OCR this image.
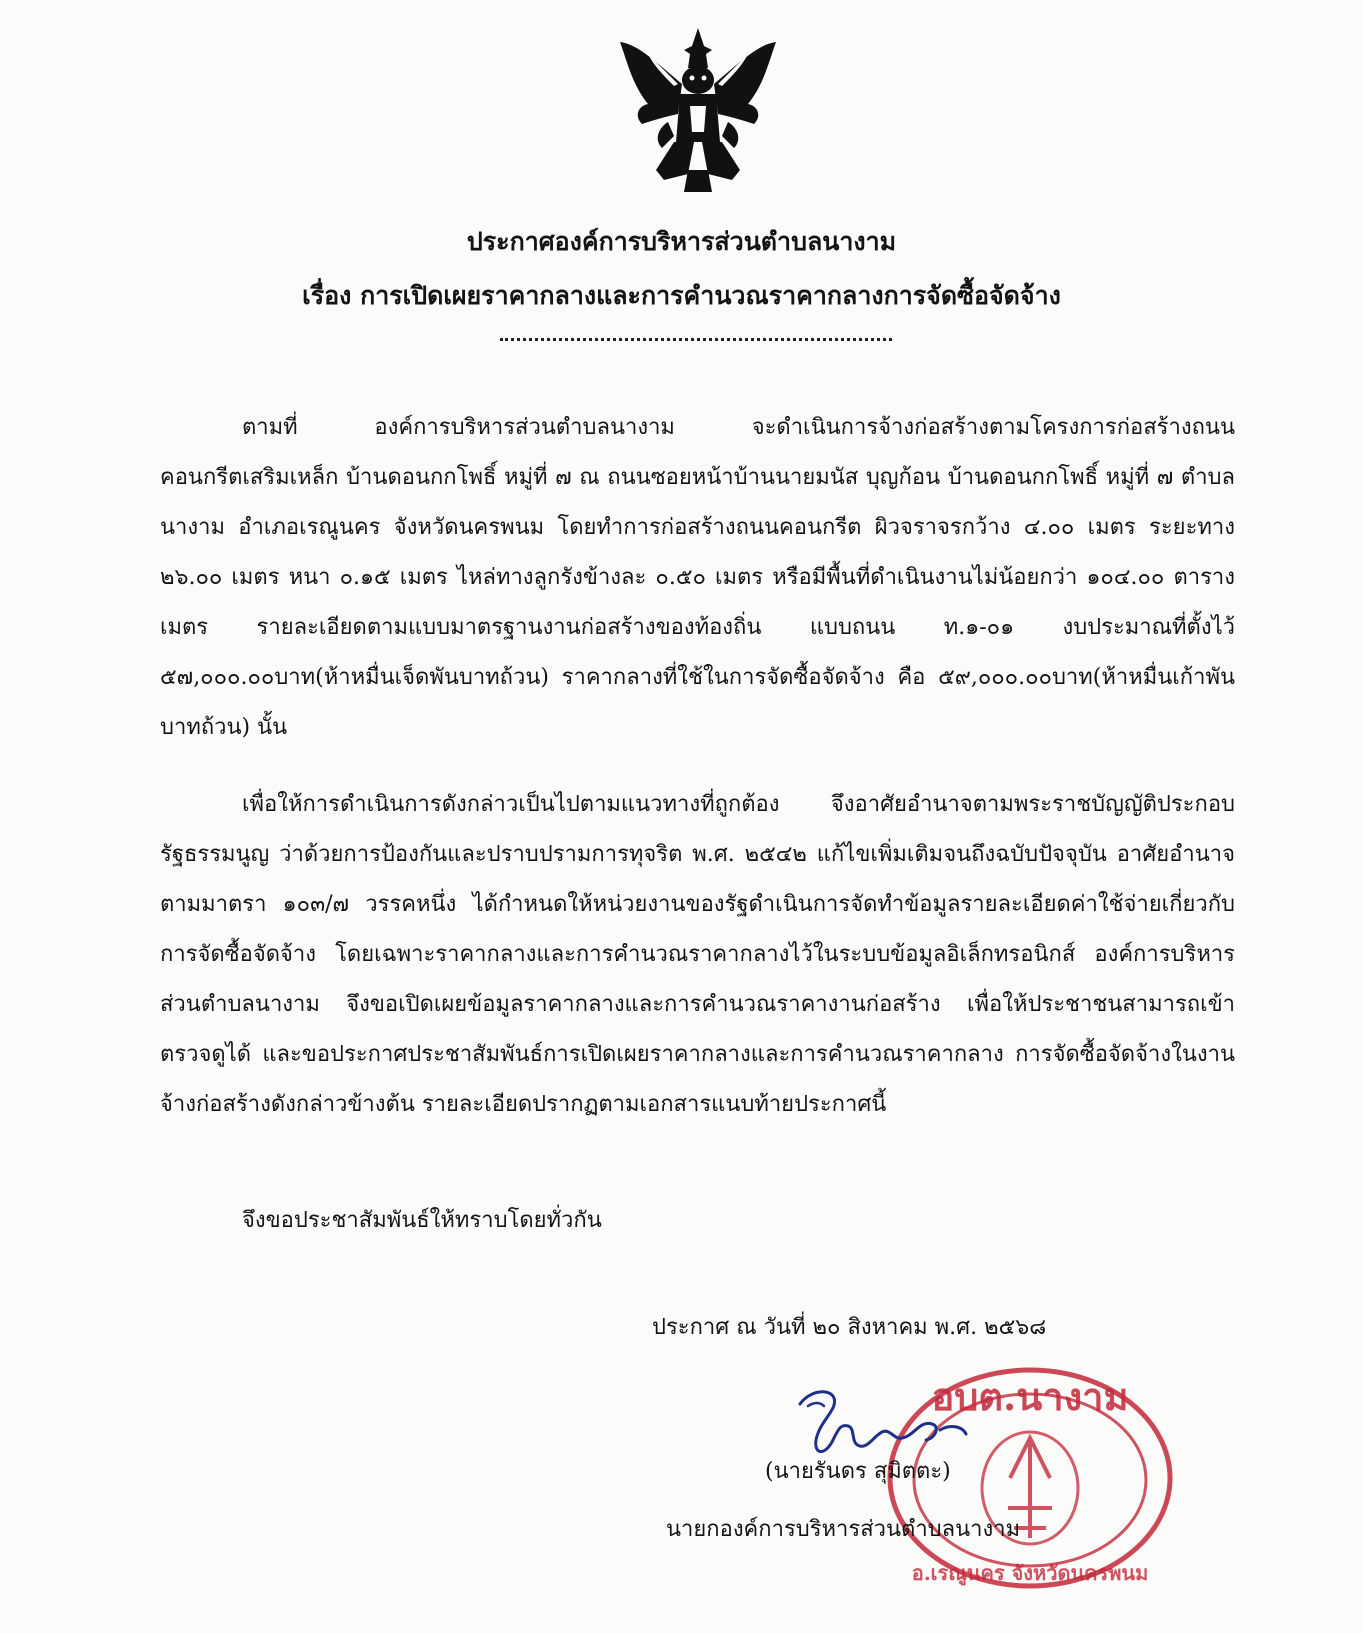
ประกาศองค์การบริหารส่วนตำบลนางาม
เรื่อง การเปิดเผยราคากลางและการคำนวณราคากลางการจัดซื้อจัดจ้าง
ตามที่ องค์การบริหารส่วนตำบลนางาม จะดำเนินการจ้างก่อสร้างตามโครงการก่อสร้างถนนคอนกรีตเสริมเหล็ก บ้านดอนกกโพธิ์ หมู่ที่ ๗ ณ ถนนซอยหน้าบ้านนายมนัส บุญก้อน บ้านดอนกกโพธิ์ หมู่ที่ ๗ ตำบลนางาม อำเภอเรณูนคร จังหวัดนครพนม โดยทำการก่อสร้างถนนคอนกรีต ผิวจราจรกว้าง ๔.๐๐ เมตร ระยะทาง ๒๖.๐๐ เมตร หนา ๐.๑๕ เมตร ไหล่ทางลูกรังข้างละ ๐.๕๐ เมตร หรือมีพื้นที่ดำเนินงานไม่น้อยกว่า ๑๐๔.๐๐ ตารางเมตร รายละเอียดตามแบบมาตรฐานงานก่อสร้างของท้องถิ่น แบบถนน ท.๑-๐๑ งบประมาณที่ตั้งไว้ ๕๗,๐๐๐.๐๐บาท(ห้าหมื่นเจ็ดพันบาทถ้วน) ราคากลางที่ใช้ในการจัดซื้อจัดจ้าง คือ ๕๙,๐๐๐.๐๐บาท(ห้าหมื่นเก้าพันบาทถ้วน) นั้น
เพื่อให้การดำเนินการดังกล่าวเป็นไปตามแนวทางที่ถูกต้อง จึงอาศัยอำนาจตามพระราชบัญญัติประกอบรัฐธรรมนูญ ว่าด้วยการป้องกันและปราบปรามการทุจริต พ.ศ. ๒๕๔๒ แก้ไขเพิ่มเติมจนถึงฉบับปัจจุบัน อาศัยอำนาจตามมาตรา ๑๐๓/๗ วรรคหนึ่ง ได้กำหนดให้หน่วยงานของรัฐดำเนินการจัดทำข้อมูลรายละเอียดค่าใช้จ่ายเกี่ยวกับการจัดซื้อจัดจ้าง โดยเฉพาะราคากลางและการคำนวณราคากลางไว้ในระบบข้อมูลอิเล็กทรอนิกส์ องค์การบริหารส่วนตำบลนางาม จึงขอเปิดเผยข้อมูลราคากลางและการคำนวณราคางานก่อสร้าง เพื่อให้ประชาชนสามารถเข้าตรวจดูได้ และขอประกาศประชาสัมพันธ์การเปิดเผยราคากลางและการคำนวณราคากลาง การจัดซื้อจัดจ้างในงานจ้างก่อสร้างดังกล่าวข้างต้น รายละเอียดปรากฏตามเอกสารแนบท้ายประกาศนี้
จึงขอประชาสัมพันธ์ให้ทราบโดยทั่วกัน
ประกาศ ณ วันที่ ๒๐ สิงหาคม พ.ศ. ๒๕๖๘
อบต.นางาม
อ.เรณูนคร จังหวัดนครพนม
(นายรันดร สุมิตตะ)
นายกองค์การบริหารส่วนตำบลนางาม
